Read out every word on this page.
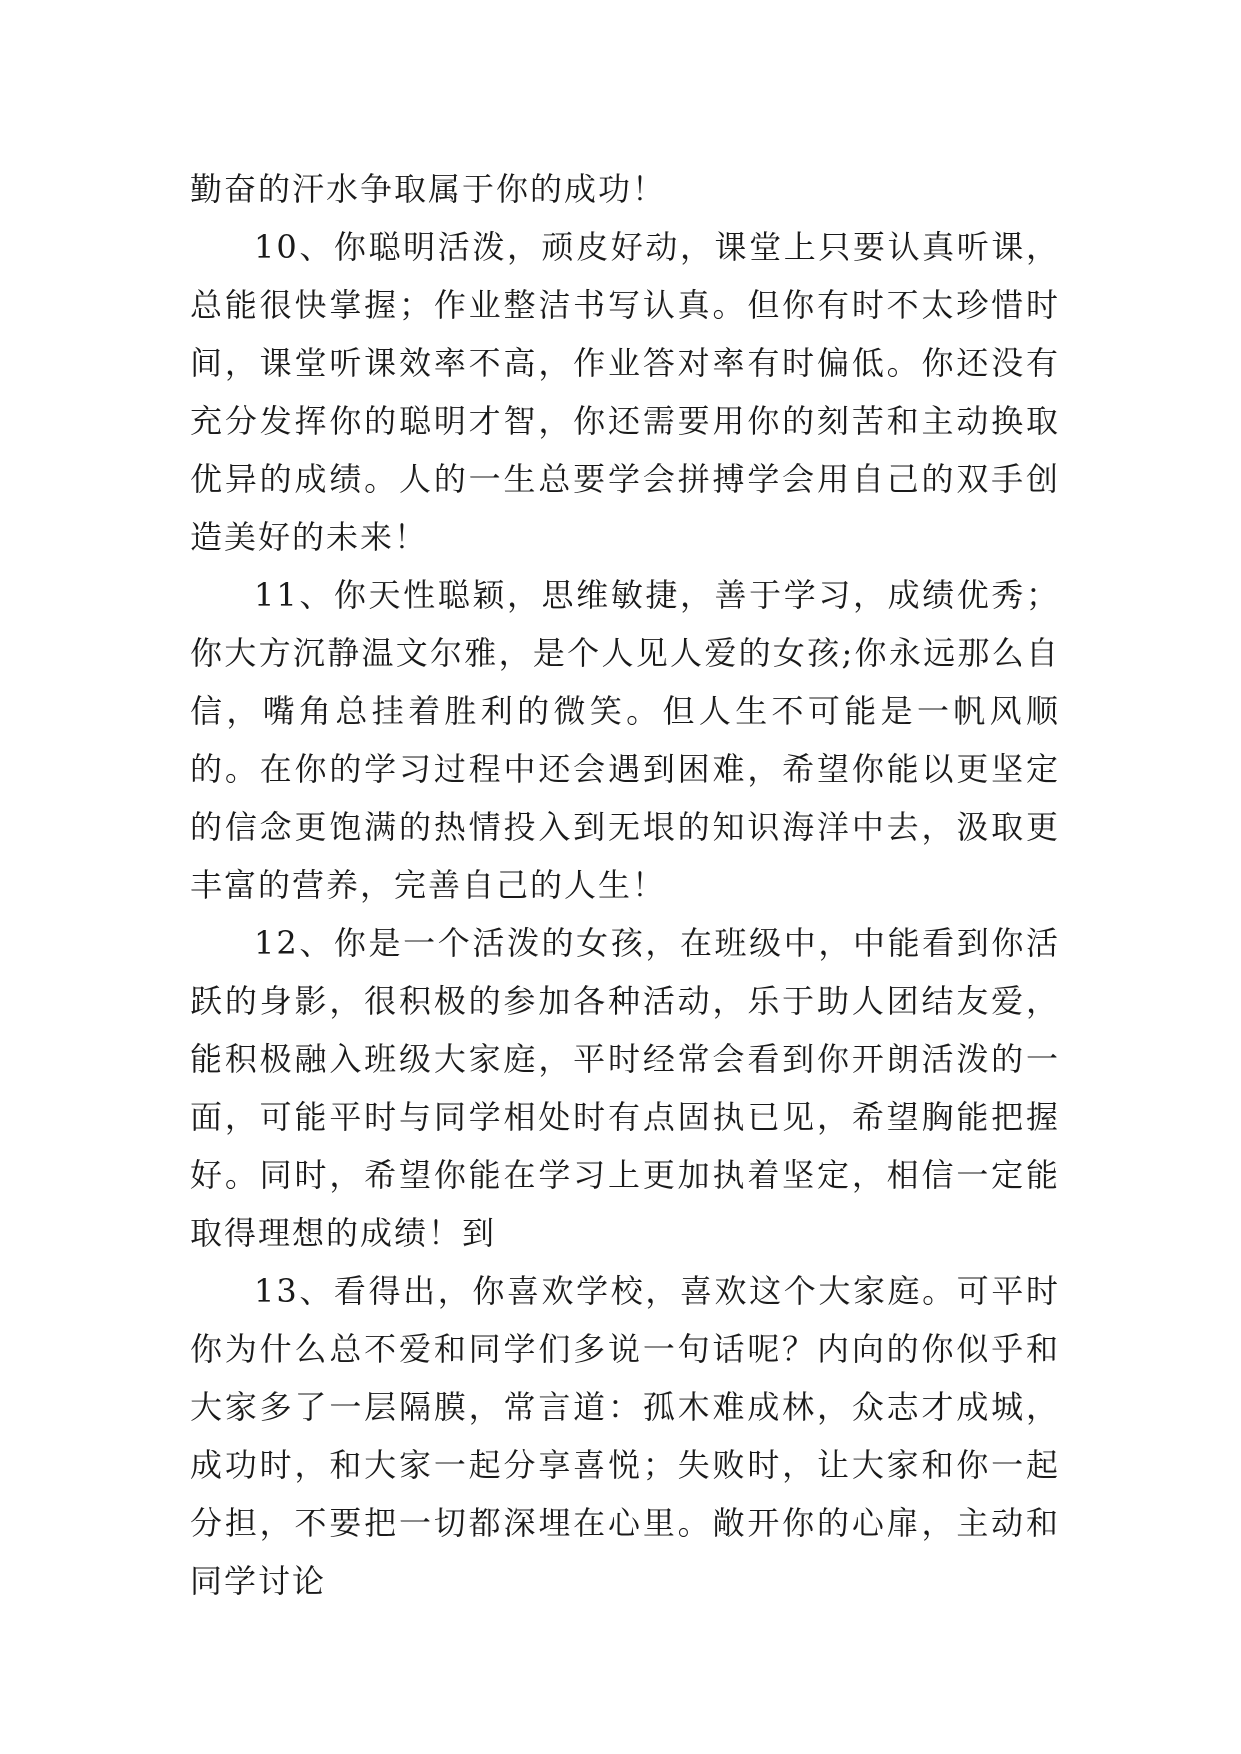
勤奋的汗水争取属于你的成功！

10、你聪明活泼，顽皮好动，课堂上只要认真听课，总能很快掌握；作业整洁书写认真。但你有时不太珍惜时间，课堂听课效率不高，作业答对率有时偏低。你还没有充分发挥你的聪明才智，你还需要用你的刻苦和主动换取优异的成绩。人的一生总要学会拼搏学会用自己的双手创造美好的未来！

11、你天性聪颖，思维敏捷，善于学习，成绩优秀；你大方沉静温文尔雅，是个人见人爱的女孩;你永远那么自信，嘴角总挂着胜利的微笑。但人生不可能是一帆风顺的。在你的学习过程中还会遇到困难，希望你能以更坚定的信念更饱满的热情投入到无垠的知识海洋中去，汲取更丰富的营养，完善自己的人生！

12、你是一个活泼的女孩，在班级中，中能看到你活跃的身影，很积极的参加各种活动，乐于助人团结友爱，能积极融入班级大家庭，平时经常会看到你开朗活泼的一面，可能平时与同学相处时有点固执已见，希望胸能把握好。同时，希望你能在学习上更加执着坚定，相信一定能取得理想的成绩！到

13、看得出，你喜欢学校，喜欢这个大家庭。可平时你为什么总不爱和同学们多说一句话呢？内向的你似乎和大家多了一层隔膜，常言道：孤木难成林，众志才成城，成功时，和大家一起分享喜悦；失败时，让大家和你一起分担，不要把一切都深埋在心里。敞开你的心扉，主动和同学讨论
